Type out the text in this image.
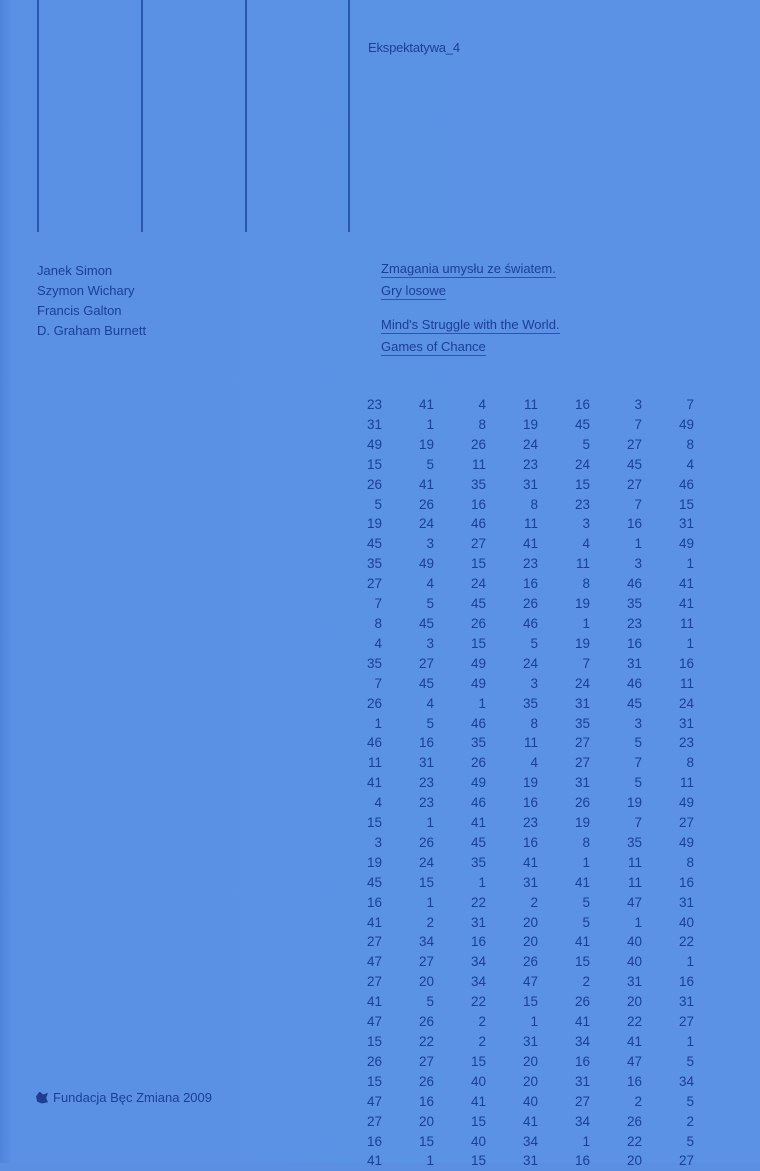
Ekspektatywa_4
Janek Simon
Szymon Wichary
Francis Galton
D. Graham Burnett
Zmagania umysłu ze światem.
Gry losowe
Mind's Struggle with the World.
Games of Chance
23	41	4	11	16	3	7
31	1	8	19	45	7	49
49	19	26	24	5	27	8
15	5	11	23	24	45	4
26	41	35	31	15	27	46
5	26	16	8	23	7	15
19	24	46	11	3	16	31
45	3	27	41	4	1	49
35	49	15	23	11	3	1
27	4	24	16	8	46	41
7	5	45	26	19	35	41
8	45	26	46	1	23	11
4	3	15	5	19	16	1
35	27	49	24	7	31	16
7	45	49	3	24	46	11
26	4	1	35	31	45	24
1	5	46	8	35	3	31
46	16	35	11	27	5	23
11	31	26	4	27	7	8
41	23	49	19	31	5	11
4	23	46	16	26	19	49
15	1	41	23	19	7	27
3	26	45	16	8	35	49
19	24	35	41	1	11	8
45	15	1	31	41	11	16
16	1	22	2	5	47	31
41	2	31	20	5	1	40
27	34	16	20	41	40	22
47	27	34	26	15	40	1
27	20	34	47	2	31	16
41	5	22	15	26	20	31
47	26	2	1	41	22	27
15	22	2	31	34	41	1
26	27	15	20	16	47	5
15	26	40	20	31	16	34
47	16	41	40	27	2	5
27	20	15	41	34	26	2
16	15	40	34	1	22	5
41	1	15	31	16	20	27
Fundacja Bęc Zmiana 2009
